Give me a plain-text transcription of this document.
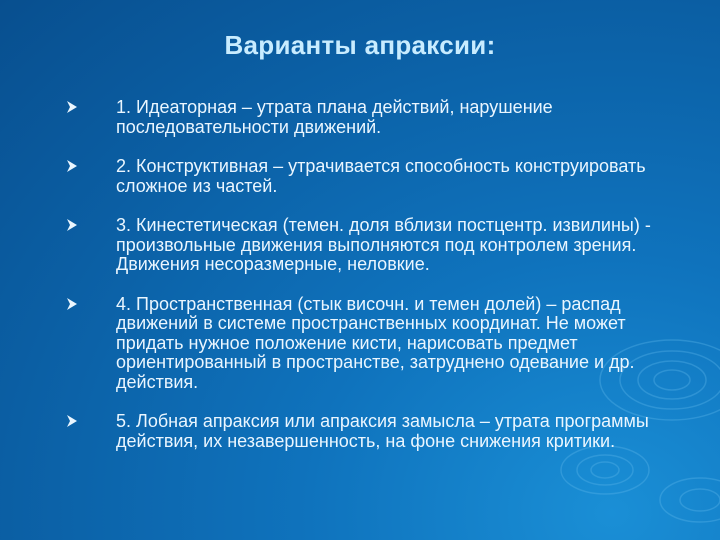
Варианты апраксии:
1. Идеаторная – утрата плана действий, нарушение последовательности движений.
2. Конструктивная – утрачивается способность конструировать сложное из частей.
3. Кинестетическая (темен. доля вблизи постцентр. извилины) - произвольные движения выполняются под контролем зрения. Движения несоразмерные, неловкие.
4. Пространственная (стык височн. и темен долей) – распад движений в системе пространственных координат. Не может придать нужное положение кисти, нарисовать предмет ориентированный в пространстве, затруднено одевание и др. действия.
5. Лобная апраксия или апраксия замысла – утрата программы действия, их незавершенность, на фоне снижения критики.
